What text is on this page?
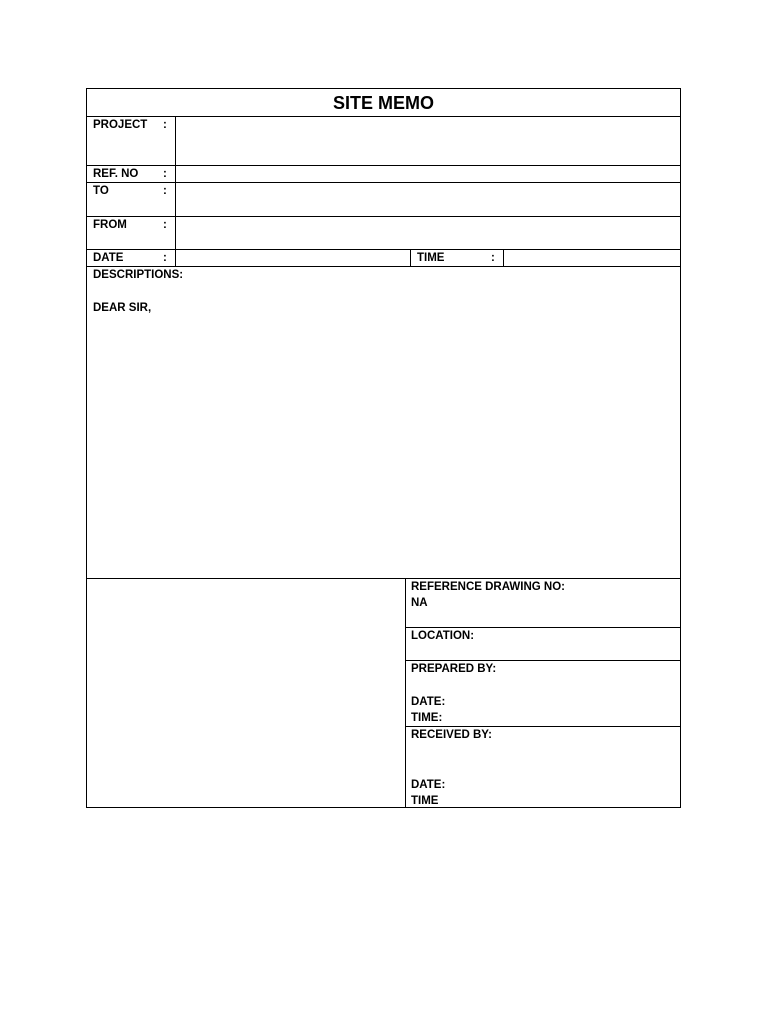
SITE MEMO
PROJECT :
REF. NO :
TO	:
FROM	:
DATE	:	TIME	:
DESCRIPTIONS:
DEAR SIR,
REFERENCE DRAWING NO:
NA
LOCATION:
PREPARED BY:
DATE:
TIME:
RECEIVED BY:
DATE:
TIME
